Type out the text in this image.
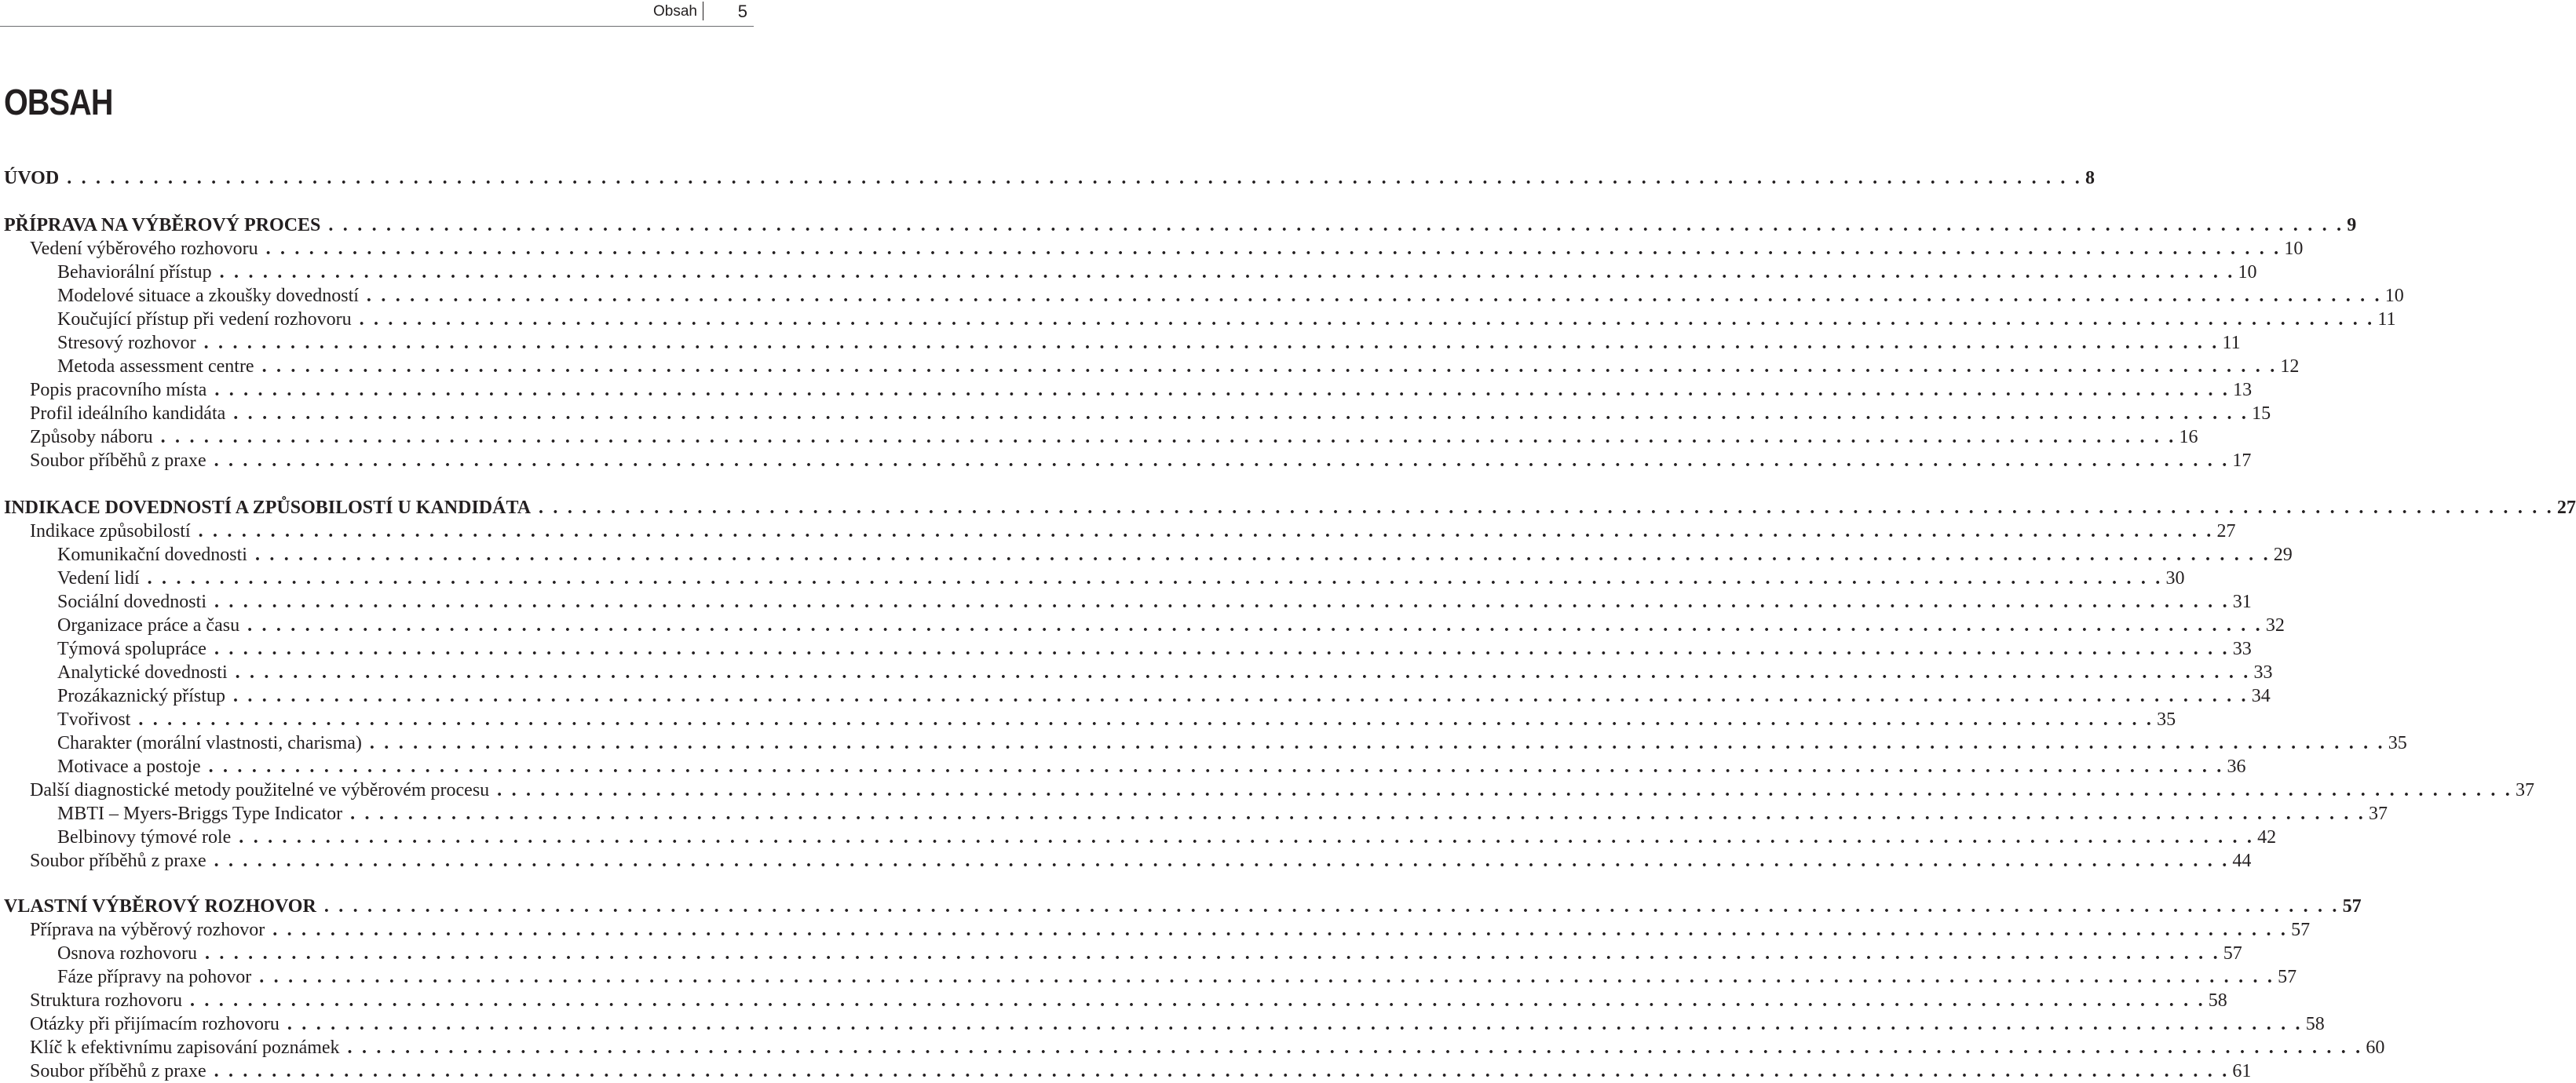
Obsah 5
OBSAH
ÚVOD . . . . . . . . . . . . . . . . . . . . . . . . . . . . . . . . . . . . . . . . . . . . . . . . . . . . . . . . . . . . . . . . . . . . . . . . . . . . . . . . . . . . . . . . . . . . . . . . . . . . . . . . . . . . . . . . . . . . . . . . . . . . . . . . . . . . . . . . . . . . 8
PŘÍPRAVA NA VÝBĚROVÝ PROCES . . . . . . . . . . . . . . . . . . . . . . . . . . . . . . . . . . . . . . . . . . . . . . . . . . . . . . . . . . . . . . . . . . . . . . . . . . . . . . . . . . . . . . . . . . . . . . . . . . . . . . . . . . . . . . . . . . . . . . . . . . . . . . . . . . . . . . . . . . . . 9
Vedení výběrového rozhovoru . . . . . . . . . . . . . . . . . . . . . . . . . . . . . . . . . . . . . . . . . . . . . . . . . . . . . . . . . . . . . . . . . . . . . . . . . . . . . . . . . . . . . . . . . . . . . . . . . . . . . . . . . . . . . . . . . . . . . . . . . . . . . . . . . . . . . . . . . . . . 10
Behaviorální přístup . . . . . . . . . . . . . . . . . . . . . . . . . . . . . . . . . . . . . . . . . . . . . . . . . . . . . . . . . . . . . . . . . . . . . . . . . . . . . . . . . . . . . . . . . . . . . . . . . . . . . . . . . . . . . . . . . . . . . . . . . . . . . . . . . . . . . . . . . . . . 10
Modelové situace a zkoušky dovedností . . . . . . . . . . . . . . . . . . . . . . . . . . . . . . . . . . . . . . . . . . . . . . . . . . . . . . . . . . . . . . . . . . . . . . . . . . . . . . . . . . . . . . . . . . . . . . . . . . . . . . . . . . . . . . . . . . . . . . . . . . . . . . . . . . . . . . . . . . . . 10
Koučující přístup při vedení rozhovoru . . . . . . . . . . . . . . . . . . . . . . . . . . . . . . . . . . . . . . . . . . . . . . . . . . . . . . . . . . . . . . . . . . . . . . . . . . . . . . . . . . . . . . . . . . . . . . . . . . . . . . . . . . . . . . . . . . . . . . . . . . . . . . . . . . . . . . . . . . . . 11
Stresový rozhovor . . . . . . . . . . . . . . . . . . . . . . . . . . . . . . . . . . . . . . . . . . . . . . . . . . . . . . . . . . . . . . . . . . . . . . . . . . . . . . . . . . . . . . . . . . . . . . . . . . . . . . . . . . . . . . . . . . . . . . . . . . . . . . . . . . . . . . . . . . . . 11
Metoda assessment centre . . . . . . . . . . . . . . . . . . . . . . . . . . . . . . . . . . . . . . . . . . . . . . . . . . . . . . . . . . . . . . . . . . . . . . . . . . . . . . . . . . . . . . . . . . . . . . . . . . . . . . . . . . . . . . . . . . . . . . . . . . . . . . . . . . . . . . . . . . . . 12
Popis pracovního místa . . . . . . . . . . . . . . . . . . . . . . . . . . . . . . . . . . . . . . . . . . . . . . . . . . . . . . . . . . . . . . . . . . . . . . . . . . . . . . . . . . . . . . . . . . . . . . . . . . . . . . . . . . . . . . . . . . . . . . . . . . . . . . . . . . . . . . . . . . . . 13
Profil ideálního kandidáta . . . . . . . . . . . . . . . . . . . . . . . . . . . . . . . . . . . . . . . . . . . . . . . . . . . . . . . . . . . . . . . . . . . . . . . . . . . . . . . . . . . . . . . . . . . . . . . . . . . . . . . . . . . . . . . . . . . . . . . . . . . . . . . . . . . . . . . . . . . . 15
Způsoby náboru . . . . . . . . . . . . . . . . . . . . . . . . . . . . . . . . . . . . . . . . . . . . . . . . . . . . . . . . . . . . . . . . . . . . . . . . . . . . . . . . . . . . . . . . . . . . . . . . . . . . . . . . . . . . . . . . . . . . . . . . . . . . . . . . . . . . . . . . . . . . 16
Soubor příběhů z praxe . . . . . . . . . . . . . . . . . . . . . . . . . . . . . . . . . . . . . . . . . . . . . . . . . . . . . . . . . . . . . . . . . . . . . . . . . . . . . . . . . . . . . . . . . . . . . . . . . . . . . . . . . . . . . . . . . . . . . . . . . . . . . . . . . . . . . . . . . . . . 17
INDIKACE DOVEDNOSTÍ A ZPŮSOBILOSTÍ U KANDIDÁTA . . . . . . . . . . . . . . . . . . . . . . . . . . . . . . . . . . . . . . . . . . . . . . . . . . . . . . . . . . . . . . . . . . . . . . . . . . . . . . . . . . . . . . . . . . . . . . . . . . . . . . . . . . . . . . . . . . . . . . . . . . . . . . . . . . . . . . . . . . . . 27
Indikace způsobilostí . . . . . . . . . . . . . . . . . . . . . . . . . . . . . . . . . . . . . . . . . . . . . . . . . . . . . . . . . . . . . . . . . . . . . . . . . . . . . . . . . . . . . . . . . . . . . . . . . . . . . . . . . . . . . . . . . . . . . . . . . . . . . . . . . . . . . . . . . . . . 27
Komunikační dovednosti . . . . . . . . . . . . . . . . . . . . . . . . . . . . . . . . . . . . . . . . . . . . . . . . . . . . . . . . . . . . . . . . . . . . . . . . . . . . . . . . . . . . . . . . . . . . . . . . . . . . . . . . . . . . . . . . . . . . . . . . . . . . . . . . . . . . . . . . . . . . 29
Vedení lidí . . . . . . . . . . . . . . . . . . . . . . . . . . . . . . . . . . . . . . . . . . . . . . . . . . . . . . . . . . . . . . . . . . . . . . . . . . . . . . . . . . . . . . . . . . . . . . . . . . . . . . . . . . . . . . . . . . . . . . . . . . . . . . . . . . . . . . . . . . . . 30
Sociální dovednosti . . . . . . . . . . . . . . . . . . . . . . . . . . . . . . . . . . . . . . . . . . . . . . . . . . . . . . . . . . . . . . . . . . . . . . . . . . . . . . . . . . . . . . . . . . . . . . . . . . . . . . . . . . . . . . . . . . . . . . . . . . . . . . . . . . . . . . . . . . . . 31
Organizace práce a času . . . . . . . . . . . . . . . . . . . . . . . . . . . . . . . . . . . . . . . . . . . . . . . . . . . . . . . . . . . . . . . . . . . . . . . . . . . . . . . . . . . . . . . . . . . . . . . . . . . . . . . . . . . . . . . . . . . . . . . . . . . . . . . . . . . . . . . . . . . . 32
Týmová spolupráce . . . . . . . . . . . . . . . . . . . . . . . . . . . . . . . . . . . . . . . . . . . . . . . . . . . . . . . . . . . . . . . . . . . . . . . . . . . . . . . . . . . . . . . . . . . . . . . . . . . . . . . . . . . . . . . . . . . . . . . . . . . . . . . . . . . . . . . . . . . . 33
Analytické dovednosti . . . . . . . . . . . . . . . . . . . . . . . . . . . . . . . . . . . . . . . . . . . . . . . . . . . . . . . . . . . . . . . . . . . . . . . . . . . . . . . . . . . . . . . . . . . . . . . . . . . . . . . . . . . . . . . . . . . . . . . . . . . . . . . . . . . . . . . . . . . . 33
Prozákaznický přístup . . . . . . . . . . . . . . . . . . . . . . . . . . . . . . . . . . . . . . . . . . . . . . . . . . . . . . . . . . . . . . . . . . . . . . . . . . . . . . . . . . . . . . . . . . . . . . . . . . . . . . . . . . . . . . . . . . . . . . . . . . . . . . . . . . . . . . . . . . . . 34
Tvořivost . . . . . . . . . . . . . . . . . . . . . . . . . . . . . . . . . . . . . . . . . . . . . . . . . . . . . . . . . . . . . . . . . . . . . . . . . . . . . . . . . . . . . . . . . . . . . . . . . . . . . . . . . . . . . . . . . . . . . . . . . . . . . . . . . . . . . . . . . . . . 35
Charakter (morální vlastnosti, charisma) . . . . . . . . . . . . . . . . . . . . . . . . . . . . . . . . . . . . . . . . . . . . . . . . . . . . . . . . . . . . . . . . . . . . . . . . . . . . . . . . . . . . . . . . . . . . . . . . . . . . . . . . . . . . . . . . . . . . . . . . . . . . . . . . . . . . . . . . . . . . 35
Motivace a postoje . . . . . . . . . . . . . . . . . . . . . . . . . . . . . . . . . . . . . . . . . . . . . . . . . . . . . . . . . . . . . . . . . . . . . . . . . . . . . . . . . . . . . . . . . . . . . . . . . . . . . . . . . . . . . . . . . . . . . . . . . . . . . . . . . . . . . . . . . . . . 36
Další diagnostické metody použitelné ve výběrovém procesu . . . . . . . . . . . . . . . . . . . . . . . . . . . . . . . . . . . . . . . . . . . . . . . . . . . . . . . . . . . . . . . . . . . . . . . . . . . . . . . . . . . . . . . . . . . . . . . . . . . . . . . . . . . . . . . . . . . . . . . . . . . . . . . . . . . . . . . . . . . . 37
MBTI – Myers-Briggs Type Indicator . . . . . . . . . . . . . . . . . . . . . . . . . . . . . . . . . . . . . . . . . . . . . . . . . . . . . . . . . . . . . . . . . . . . . . . . . . . . . . . . . . . . . . . . . . . . . . . . . . . . . . . . . . . . . . . . . . . . . . . . . . . . . . . . . . . . . . . . . . . . 37
Belbinovy týmové role . . . . . . . . . . . . . . . . . . . . . . . . . . . . . . . . . . . . . . . . . . . . . . . . . . . . . . . . . . . . . . . . . . . . . . . . . . . . . . . . . . . . . . . . . . . . . . . . . . . . . . . . . . . . . . . . . . . . . . . . . . . . . . . . . . . . . . . . . . . . 42
Soubor příběhů z praxe . . . . . . . . . . . . . . . . . . . . . . . . . . . . . . . . . . . . . . . . . . . . . . . . . . . . . . . . . . . . . . . . . . . . . . . . . . . . . . . . . . . . . . . . . . . . . . . . . . . . . . . . . . . . . . . . . . . . . . . . . . . . . . . . . . . . . . . . . . . . 44
VLASTNÍ VÝBĚROVÝ ROZHOVOR . . . . . . . . . . . . . . . . . . . . . . . . . . . . . . . . . . . . . . . . . . . . . . . . . . . . . . . . . . . . . . . . . . . . . . . . . . . . . . . . . . . . . . . . . . . . . . . . . . . . . . . . . . . . . . . . . . . . . . . . . . . . . . . . . . . . . . . . . . . . 57
Příprava na výběrový rozhovor . . . . . . . . . . . . . . . . . . . . . . . . . . . . . . . . . . . . . . . . . . . . . . . . . . . . . . . . . . . . . . . . . . . . . . . . . . . . . . . . . . . . . . . . . . . . . . . . . . . . . . . . . . . . . . . . . . . . . . . . . . . . . . . . . . . . . . . . . . . . 57
Osnova rozhovoru . . . . . . . . . . . . . . . . . . . . . . . . . . . . . . . . . . . . . . . . . . . . . . . . . . . . . . . . . . . . . . . . . . . . . . . . . . . . . . . . . . . . . . . . . . . . . . . . . . . . . . . . . . . . . . . . . . . . . . . . . . . . . . . . . . . . . . . . . . . . 57
Fáze přípravy na pohovor . . . . . . . . . . . . . . . . . . . . . . . . . . . . . . . . . . . . . . . . . . . . . . . . . . . . . . . . . . . . . . . . . . . . . . . . . . . . . . . . . . . . . . . . . . . . . . . . . . . . . . . . . . . . . . . . . . . . . . . . . . . . . . . . . . . . . . . . . . . . 57
Struktura rozhovoru . . . . . . . . . . . . . . . . . . . . . . . . . . . . . . . . . . . . . . . . . . . . . . . . . . . . . . . . . . . . . . . . . . . . . . . . . . . . . . . . . . . . . . . . . . . . . . . . . . . . . . . . . . . . . . . . . . . . . . . . . . . . . . . . . . . . . . . . . . . . 58
Otázky při přijímacím rozhovoru . . . . . . . . . . . . . . . . . . . . . . . . . . . . . . . . . . . . . . . . . . . . . . . . . . . . . . . . . . . . . . . . . . . . . . . . . . . . . . . . . . . . . . . . . . . . . . . . . . . . . . . . . . . . . . . . . . . . . . . . . . . . . . . . . . . . . . . . . . . . 58
Klíč k efektivnímu zapisování poznámek . . . . . . . . . . . . . . . . . . . . . . . . . . . . . . . . . . . . . . . . . . . . . . . . . . . . . . . . . . . . . . . . . . . . . . . . . . . . . . . . . . . . . . . . . . . . . . . . . . . . . . . . . . . . . . . . . . . . . . . . . . . . . . . . . . . . . . . . . . . . 60
Soubor příběhů z praxe . . . . . . . . . . . . . . . . . . . . . . . . . . . . . . . . . . . . . . . . . . . . . . . . . . . . . . . . . . . . . . . . . . . . . . . . . . . . . . . . . . . . . . . . . . . . . . . . . . . . . . . . . . . . . . . . . . . . . . . . . . . . . . . . . . . . . . . . . . . . 61
